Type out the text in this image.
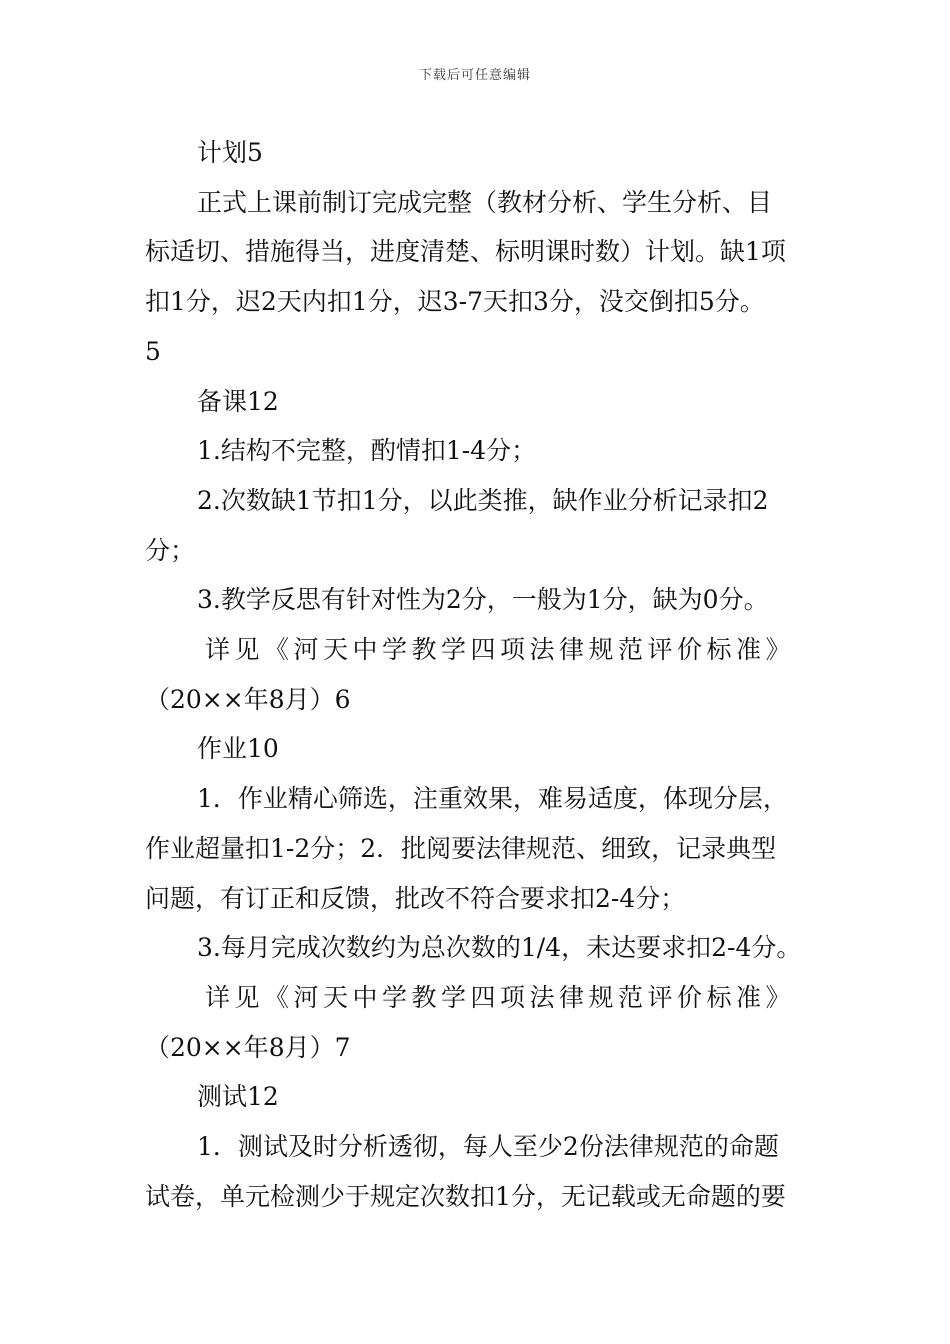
下载后可任意编辑

计划5

正式上课前制订完成完整（教材分析、学生分析、目

标适切、措施得当，进度清楚、标明课时数）计划。缺1项

扣1分，迟2天内扣1分，迟3-7天扣3分，没交倒扣5分。

5

备课12

1.结构不完整，酌情扣1-4分；

2.次数缺1节扣1分，以此类推，缺作业分析记录扣2

分；

3.教学反思有针对性为2分，一般为1分，缺为0分。

详见《河天中学教学四项法律规范评价标准》

（20××年8月）6

作业10

1．作业精心筛选，注重效果，难易适度，体现分层，

作业超量扣1-2分；2．批阅要法律规范、细致，记录典型

问题，有订正和反馈，批改不符合要求扣2-4分；

3.每月完成次数约为总次数的1/4，未达要求扣2-4分。

详见《河天中学教学四项法律规范评价标准》

（20××年8月）7

测试12

1．测试及时分析透彻，每人至少2份法律规范的命题

试卷，单元检测少于规定次数扣1分，无记载或无命题的要
